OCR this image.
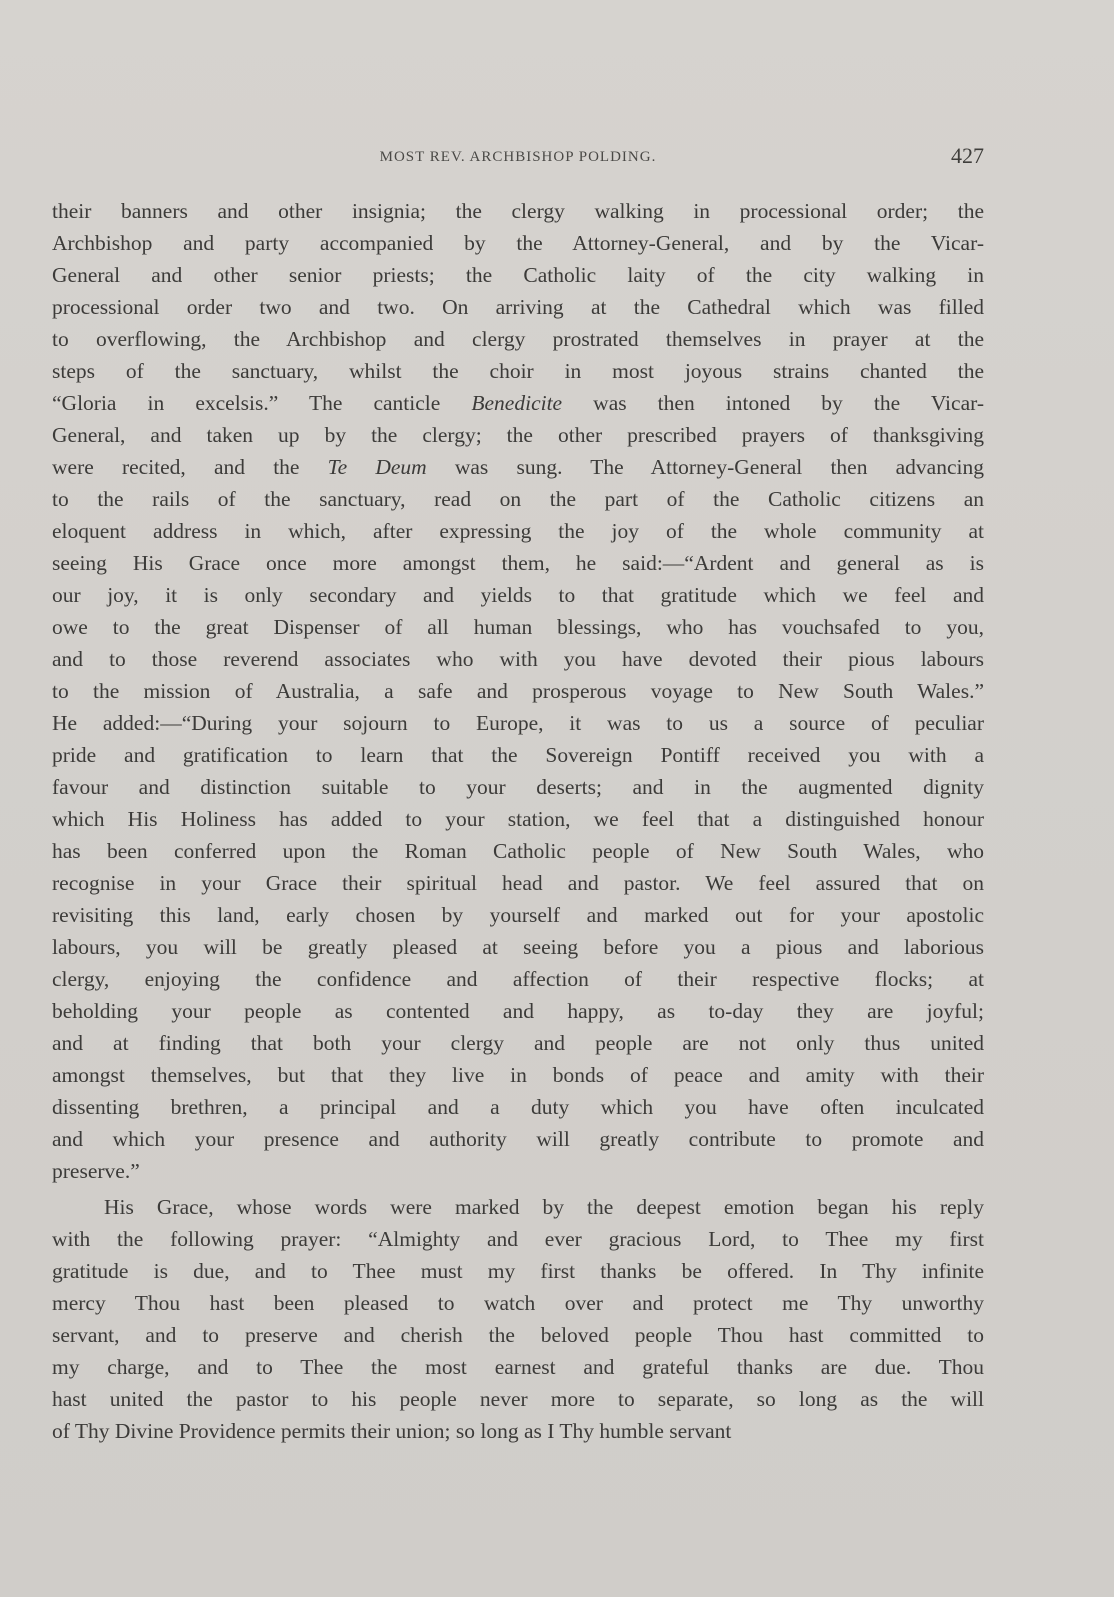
MOST REV. ARCHBISHOP POLDING.	427
their banners and other insignia; the clergy walking in processional order; the
Archbishop and party accompanied by the Attorney-General, and by the Vicar-
General and other senior priests; the Catholic laity of the city walking in
processional order two and two. On arriving at the Cathedral which was filled
to overflowing, the Archbishop and clergy prostrated themselves in prayer at the
steps of the sanctuary, whilst the choir in most joyous strains chanted the
“Gloria in excelsis.” The canticle Benedicite was then intoned by the Vicar-
General, and taken up by the clergy; the other prescribed prayers of thanksgiving
were recited, and the Te Deum was sung. The Attorney-General then advancing
to the rails of the sanctuary, read on the part of the Catholic citizens an
eloquent address in which, after expressing the joy of the whole community at
seeing His Grace once more amongst them, he said:—“Ardent and general as is
our joy, it is only secondary and yields to that gratitude which we feel and
owe to the great Dispenser of all human blessings, who has vouchsafed to you,
and to those reverend associates who with you have devoted their pious labours
to the mission of Australia, a safe and prosperous voyage to New South Wales.”
He added:—“During your sojourn to Europe, it was to us a source of peculiar
pride and gratification to learn that the Sovereign Pontiff received you with a
favour and distinction suitable to your deserts; and in the augmented dignity
which His Holiness has added to your station, we feel that a distinguished honour
has been conferred upon the Roman Catholic people of New South Wales, who
recognise in your Grace their spiritual head and pastor. We feel assured that on
revisiting this land, early chosen by yourself and marked out for your apostolic
labours, you will be greatly pleased at seeing before you a pious and laborious
clergy, enjoying the confidence and affection of their respective flocks; at
beholding your people as contented and happy, as to-day they are joyful;
and at finding that both your clergy and people are not only thus united
amongst themselves, but that they live in bonds of peace and amity with their
dissenting brethren, a principal and a duty which you have often inculcated
and which your presence and authority will greatly contribute to promote and
preserve.”
His Grace, whose words were marked by the deepest emotion began his reply
with the following prayer: “Almighty and ever gracious Lord, to Thee my first
gratitude is due, and to Thee must my first thanks be offered. In Thy infinite
mercy Thou hast been pleased to watch over and protect me Thy unworthy
servant, and to preserve and cherish the beloved people Thou hast committed to
my charge, and to Thee the most earnest and grateful thanks are due. Thou
hast united the pastor to his people never more to separate, so long as the will
of Thy Divine Providence permits their union; so long as I Thy humble servant
